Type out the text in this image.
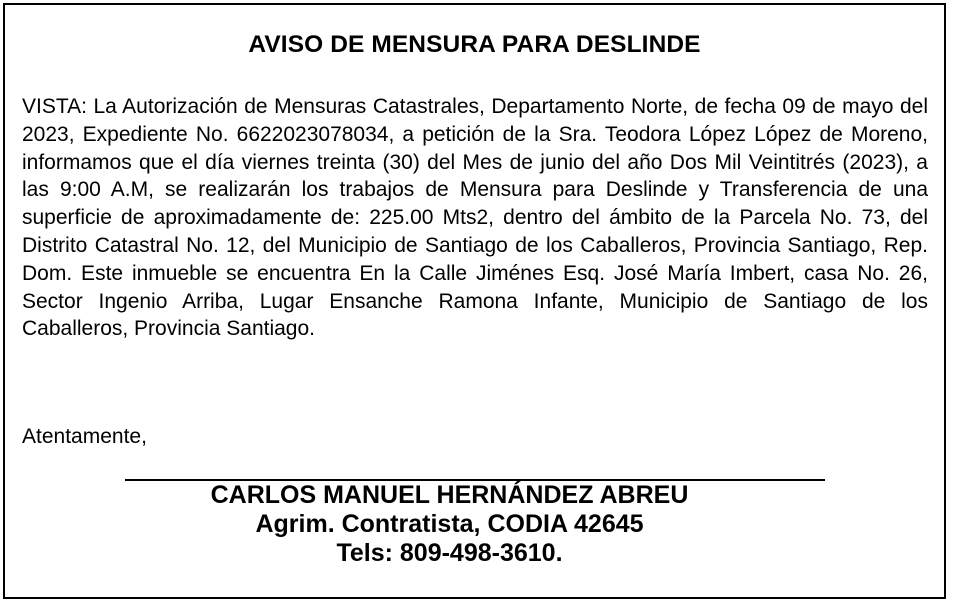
AVISO DE MENSURA PARA DESLINDE
VISTA: La Autorización de Mensuras Catastrales, Departamento Norte, de fecha 09 de mayo del 2023, Expediente No. 6622023078034, a petición de la Sra. Teodora López López de Moreno, informamos que el día viernes treinta (30) del Mes de junio del año Dos Mil Veintitrés (2023), a las 9:00 A.M, se realizarán los trabajos de Mensura para Deslinde y Transferencia de una superficie de aproximadamente de: 225.00 Mts2, dentro del ámbito de la Parcela No. 73, del Distrito Catastral No. 12, del Municipio de Santiago de los Caballeros, Provincia Santiago, Rep. Dom. Este inmueble se encuentra En la Calle Jiménes Esq. José María Imbert, casa No. 26, Sector Ingenio Arriba, Lugar Ensanche Ramona Infante, Municipio de Santiago de los Caballeros, Provincia Santiago.
Atentamente,
CARLOS MANUEL HERNÁNDEZ ABREU
Agrim. Contratista, CODIA 42645
Tels: 809-498-3610.
